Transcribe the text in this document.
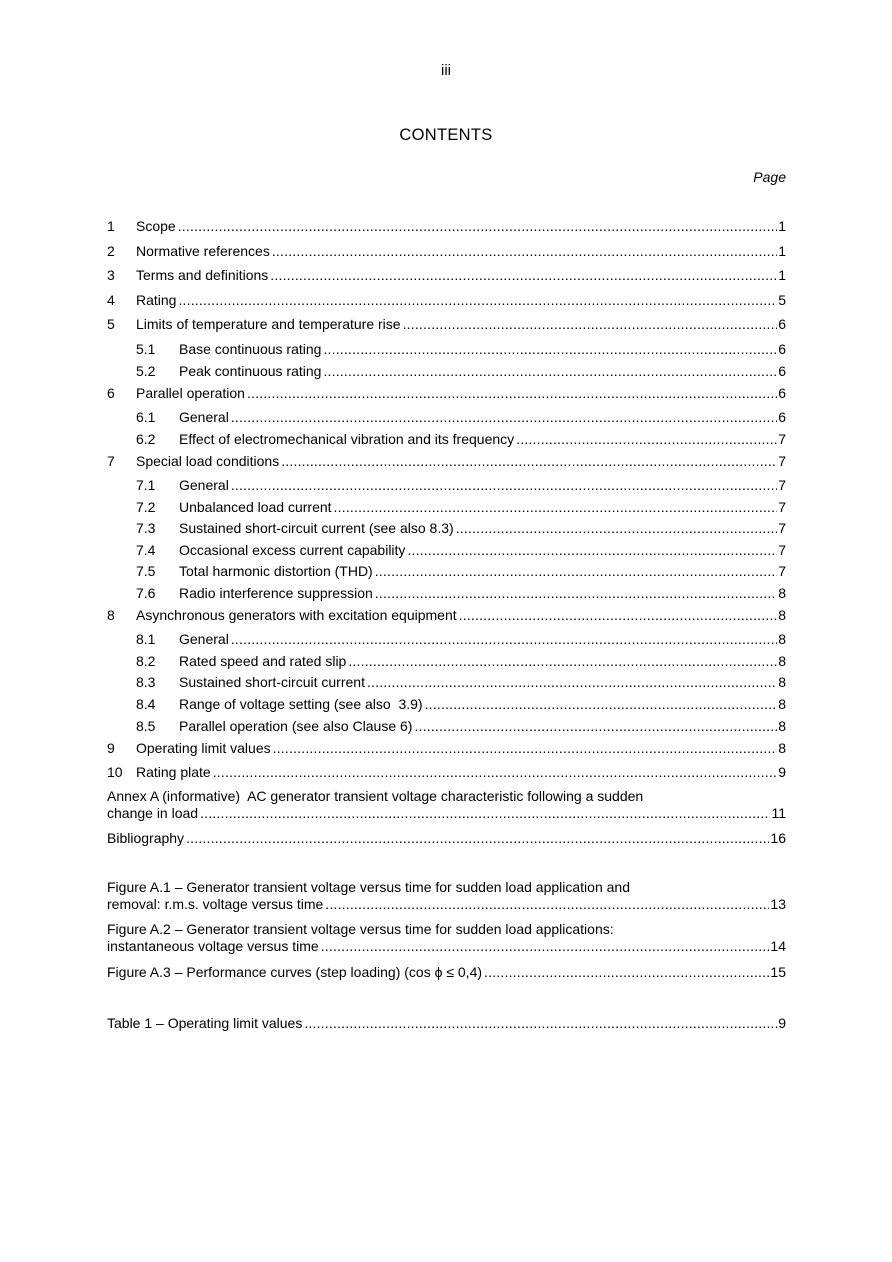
iii
CONTENTS
Page
1	Scope .....	1
2	Normative references .....	1
3	Terms and definitions .....	1
4	Rating .....	5
5	Limits of temperature and temperature rise .....	6
5.1	Base continuous rating .....	6
5.2	Peak continuous rating .....	6
6	Parallel operation .....	6
6.1	General .....	6
6.2	Effect of electromechanical vibration and its frequency .....	7
7	Special load conditions .....	7
7.1	General .....	7
7.2	Unbalanced load current .....	7
7.3	Sustained short-circuit current (see also 8.3) .....	7
7.4	Occasional excess current capability .....	7
7.5	Total harmonic distortion (THD) .....	7
7.6	Radio interference suppression .....	8
8	Asynchronous generators with excitation equipment .....	8
8.1	General .....	8
8.2	Rated speed and rated slip .....	8
8.3	Sustained short-circuit current .....	8
8.4	Range of voltage setting (see also  3.9) .....	8
8.5	Parallel operation (see also Clause 6) .....	8
9	Operating limit values .....	8
10 Rating plate .....	9
Annex A (informative)  AC generator transient voltage characteristic following a sudden
change in load .....	11
Bibliography .....	16
Figure A.1 – Generator transient voltage versus time for sudden load application and
removal: r.m.s. voltage versus time .....	13
Figure A.2 – Generator transient voltage versus time for sudden load applications:
instantaneous voltage versus time .....	14
Figure A.3 – Performance curves (step loading) (cos ϕ ≤ 0,4) .....	15
Table 1 – Operating limit values .....	9
